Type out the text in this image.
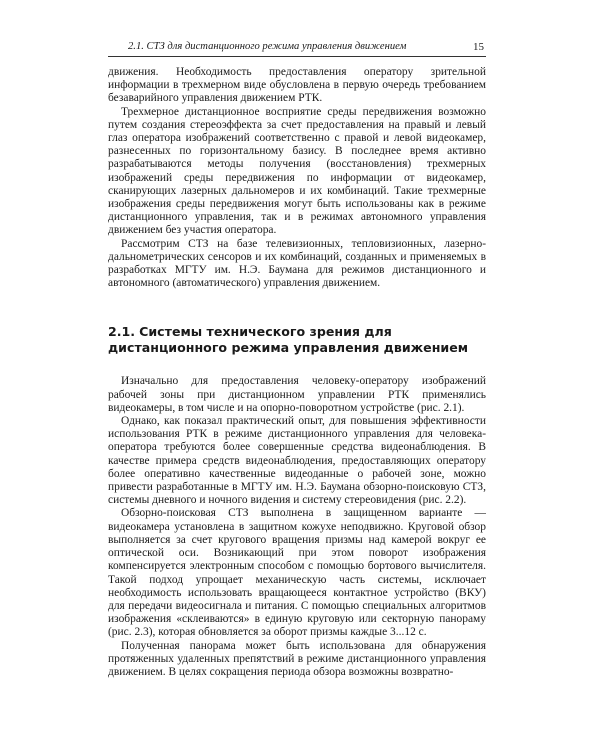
2.1. СТЗ для дистанционного режима управления движением	15

движения. Необходимость предоставления оператору зрительной информации в трехмерном виде обусловлена в первую очередь требованием безаварийного управления движением РТК.

Трехмерное дистанционное восприятие среды передвижения возможно путем создания стереоэффекта за счет предоставления на правый и левый глаз оператора изображений соответственно с правой и левой видеокамер, разнесенных по горизонтальному базису. В последнее время активно разрабатываются методы получения (восстановления) трехмерных изображений среды передвижения по информации от видеокамер, сканирующих лазерных дальномеров и их комбинаций. Такие трехмерные изображения среды передвижения могут быть использованы как в режиме дистанционного управления, так и в режимах автономного управления движением без участия оператора.

Рассмотрим СТЗ на базе телевизионных, тепловизионных, лазерно-дальнометрических сенсоров и их комбинаций, созданных и применяемых в разработках МГТУ им. Н.Э. Баумана для режимов дистанционного и автономного (автоматического) управления движением.

2.1. Системы технического зрения для дистанционного режима управления движением

Изначально для предоставления человеку-оператору изображений рабочей зоны при дистанционном управлении РТК применялись видеокамеры, в том числе и на опорно-поворотном устройстве (рис. 2.1).

Однако, как показал практический опыт, для повышения эффективности использования РТК в режиме дистанционного управления для человека-оператора требуются более совершенные средства видеонаблюдения. В качестве примера средств видеонаблюдения, предоставляющих оператору более оперативно качественные видеоданные о рабочей зоне, можно привести разработанные в МГТУ им. Н.Э. Баумана обзорно-поисковую СТЗ, системы дневного и ночного видения и систему стереовидения (рис. 2.2).

Обзорно-поисковая СТЗ выполнена в защищенном варианте — видеокамера установлена в защитном кожухе неподвижно. Круговой обзор выполняется за счет кругового вращения призмы над камерой вокруг ее оптической оси. Возникающий при этом поворот изображения компенсируется электронным способом с помощью бортового вычислителя. Такой подход упрощает механическую часть системы, исключает необходимость использовать вращающееся контактное устройство (ВКУ) для передачи видеосигнала и питания. С помощью специальных алгоритмов изображения «склеиваются» в единую круговую или секторную панораму (рис. 2.3), которая обновляется за оборот призмы каждые 3...12 с.

Полученная панорама может быть использована для обнаружения протяженных удаленных препятствий в режиме дистанционного управления движением. В целях сокращения периода обзора возможны возвратно-
